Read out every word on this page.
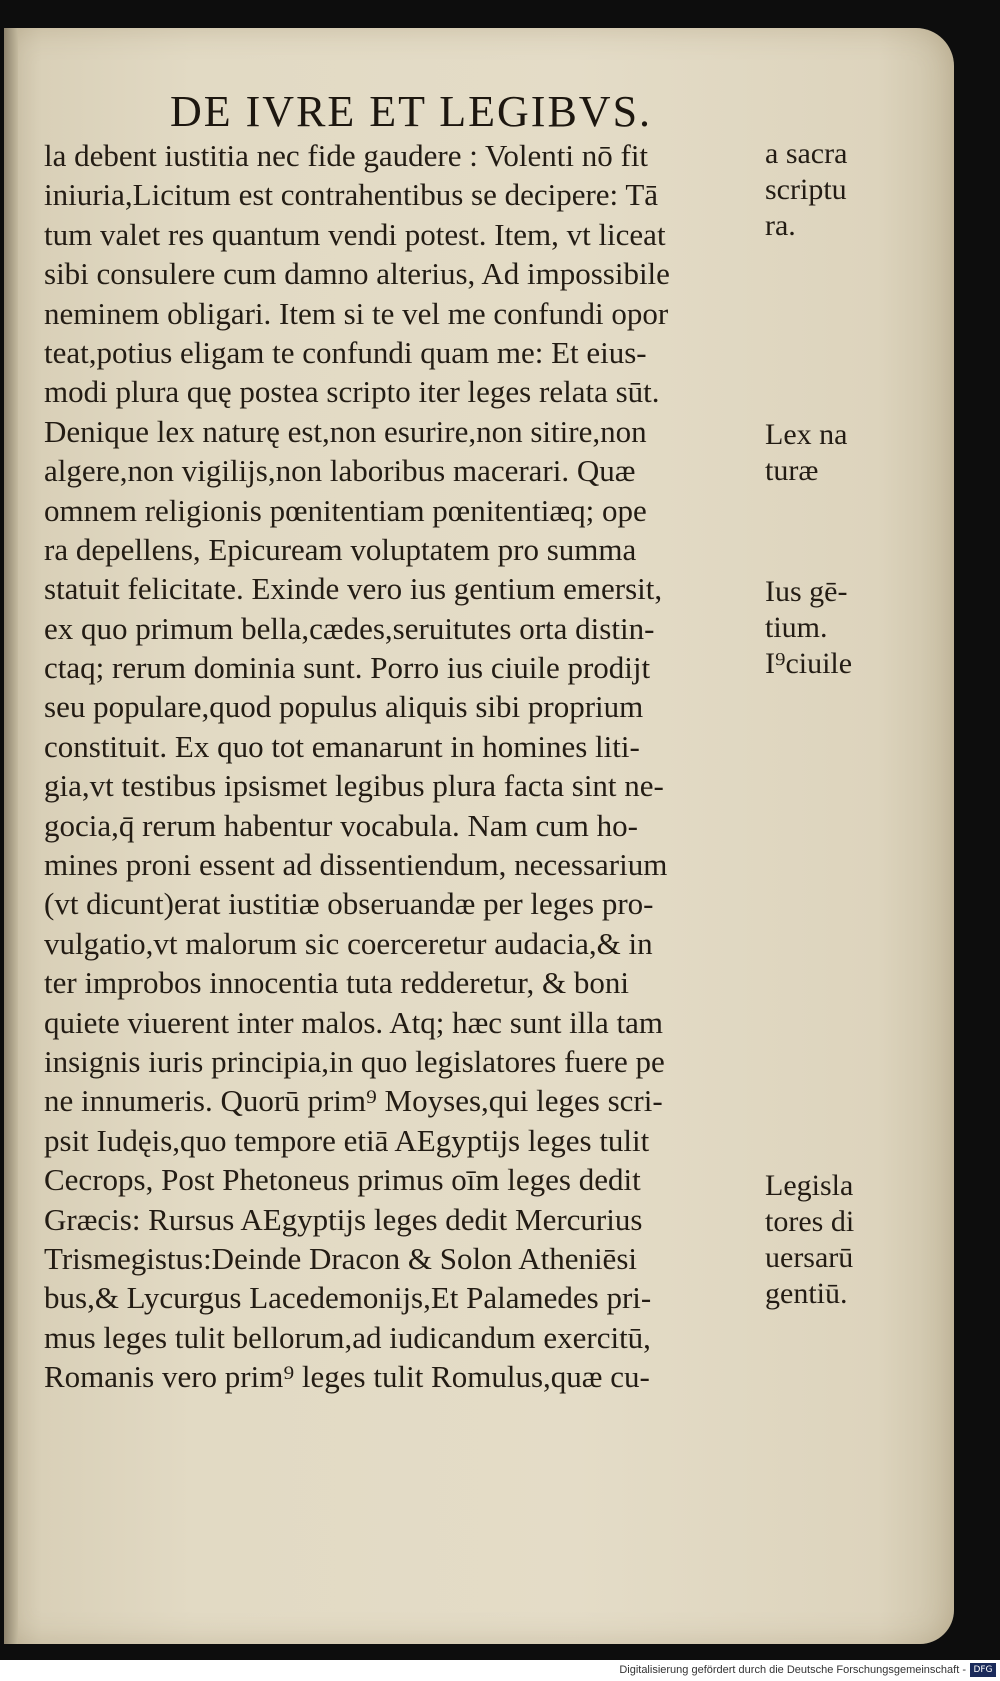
DE IVRE ET LEGIBVS.
la debent iustitia nec fide gaudere : Volenti nō fit
iniuria,Licitum est contrahentibus se decipere: Tā
tum valet res quantum vendi potest. Item, vt liceat
sibi consulere cum damno alterius, Ad impossibile
neminem obligari. Item si te vel me confundi opor
teat,potius eligam te confundi quam me: Et eius-
modi plura quę postea scripto iter leges relata sūt.
Denique lex naturę est,non esurire,non sitire,non
algere,non vigilijs,non laboribus macerari. Quæ
omnem religionis pœnitentiam pœnitentiæq; ope
ra depellens, Epicuream voluptatem pro summa
statuit felicitate. Exinde vero ius gentium emersit,
ex quo primum bella,cædes,seruitutes orta distin-
ctaq; rerum dominia sunt. Porro ius ciuile prodijt
seu populare,quod populus aliquis sibi proprium
constituit. Ex quo tot emanarunt in homines liti-
gia,vt testibus ipsismet legibus plura facta sint ne-
gocia,q̄ rerum habentur vocabula. Nam cum ho-
mines proni essent ad dissentiendum, necessarium
(vt dicunt)erat iustitiæ obseruandæ per leges pro-
vulgatio,vt malorum sic coerceretur audacia,& in
ter improbos innocentia tuta redderetur, & boni
quiete viuerent inter malos. Atq; hæc sunt illa tam
insignis iuris principia,in quo legislatores fuere pe
ne innumeris. Quorū prim⁹ Moyses,qui leges scri-
psit Iudęis,quo tempore etiā AEgyptijs leges tulit
Cecrops, Post Phetoneus primus oīm leges dedit
Græcis: Rursus AEgyptijs leges dedit Mercurius
Trismegistus:Deinde Dracon & Solon Atheniēsi
bus,& Lycurgus Lacedemonijs,Et Palamedes pri-
mus leges tulit bellorum,ad iudicandum exercitū,
Romanis vero prim⁹ leges tulit Romulus,quæ cu-
a sacra
scriptu
ra.
Lex na
turæ
Ius gē-
tium.
I⁹ciuile
Legisla
tores di
uersarū
gentiū.
Digitalisierung gefördert durch die Deutsche Forschungsgemeinschaft - DFG
